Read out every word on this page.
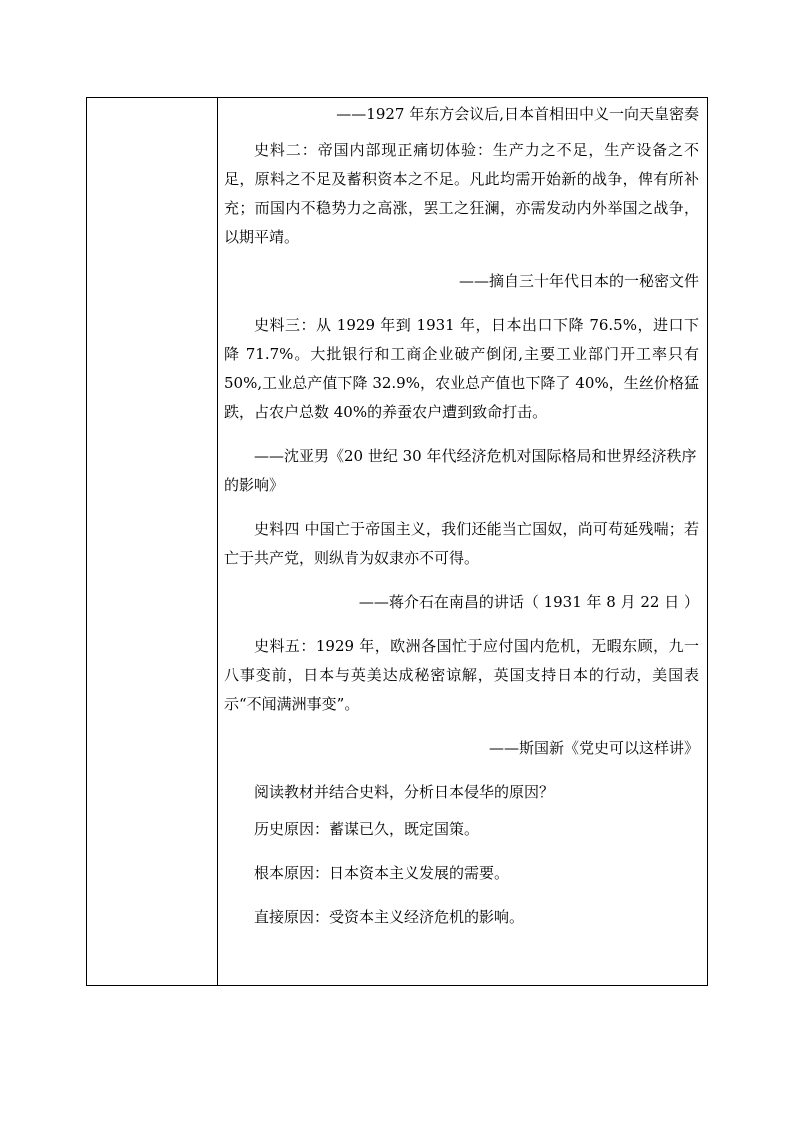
——1927 年东方会议后,日本首相田中义一向天皇密奏

史料二：帝国内部现正痛切体验：生产力之不足，生产设备之不足，原料之不足及蓄积资本之不足。凡此均需开始新的战争，俾有所补充；而国内不稳势力之高涨，罢工之狂澜，亦需发动内外举国之战争，以期平靖。

——摘自三十年代日本的一秘密文件

史料三：从 1929 年到 1931 年，日本出口下降 76.5%，进口下降 71.7%。大批银行和工商企业破产倒闭,主要工业部门开工率只有 50%,工业总产值下降 32.9%，农业总产值也下降了 40%，生丝价格猛跌，占农户总数 40%的养蚕农户遭到致命打击。

——沈亚男《20 世纪 30 年代经济危机对国际格局和世界经济秩序的影响》

史料四 中国亡于帝国主义，我们还能当亡国奴，尚可苟延残喘；若亡于共产党，则纵肯为奴隶亦不可得。

——蒋介石在南昌的讲话（ 1931 年 8 月 22 日 ）

史料五：1929 年，欧洲各国忙于应付国内危机，无暇东顾，九一八事变前，日本与英美达成秘密谅解，英国支持日本的行动，美国表示“不闻满洲事变”。

——斯国新《党史可以这样讲》

阅读教材并结合史料，分析日本侵华的原因？

历史原因：蓄谋已久，既定国策。

根本原因：日本资本主义发展的需要。

直接原因：受资本主义经济危机的影响。
